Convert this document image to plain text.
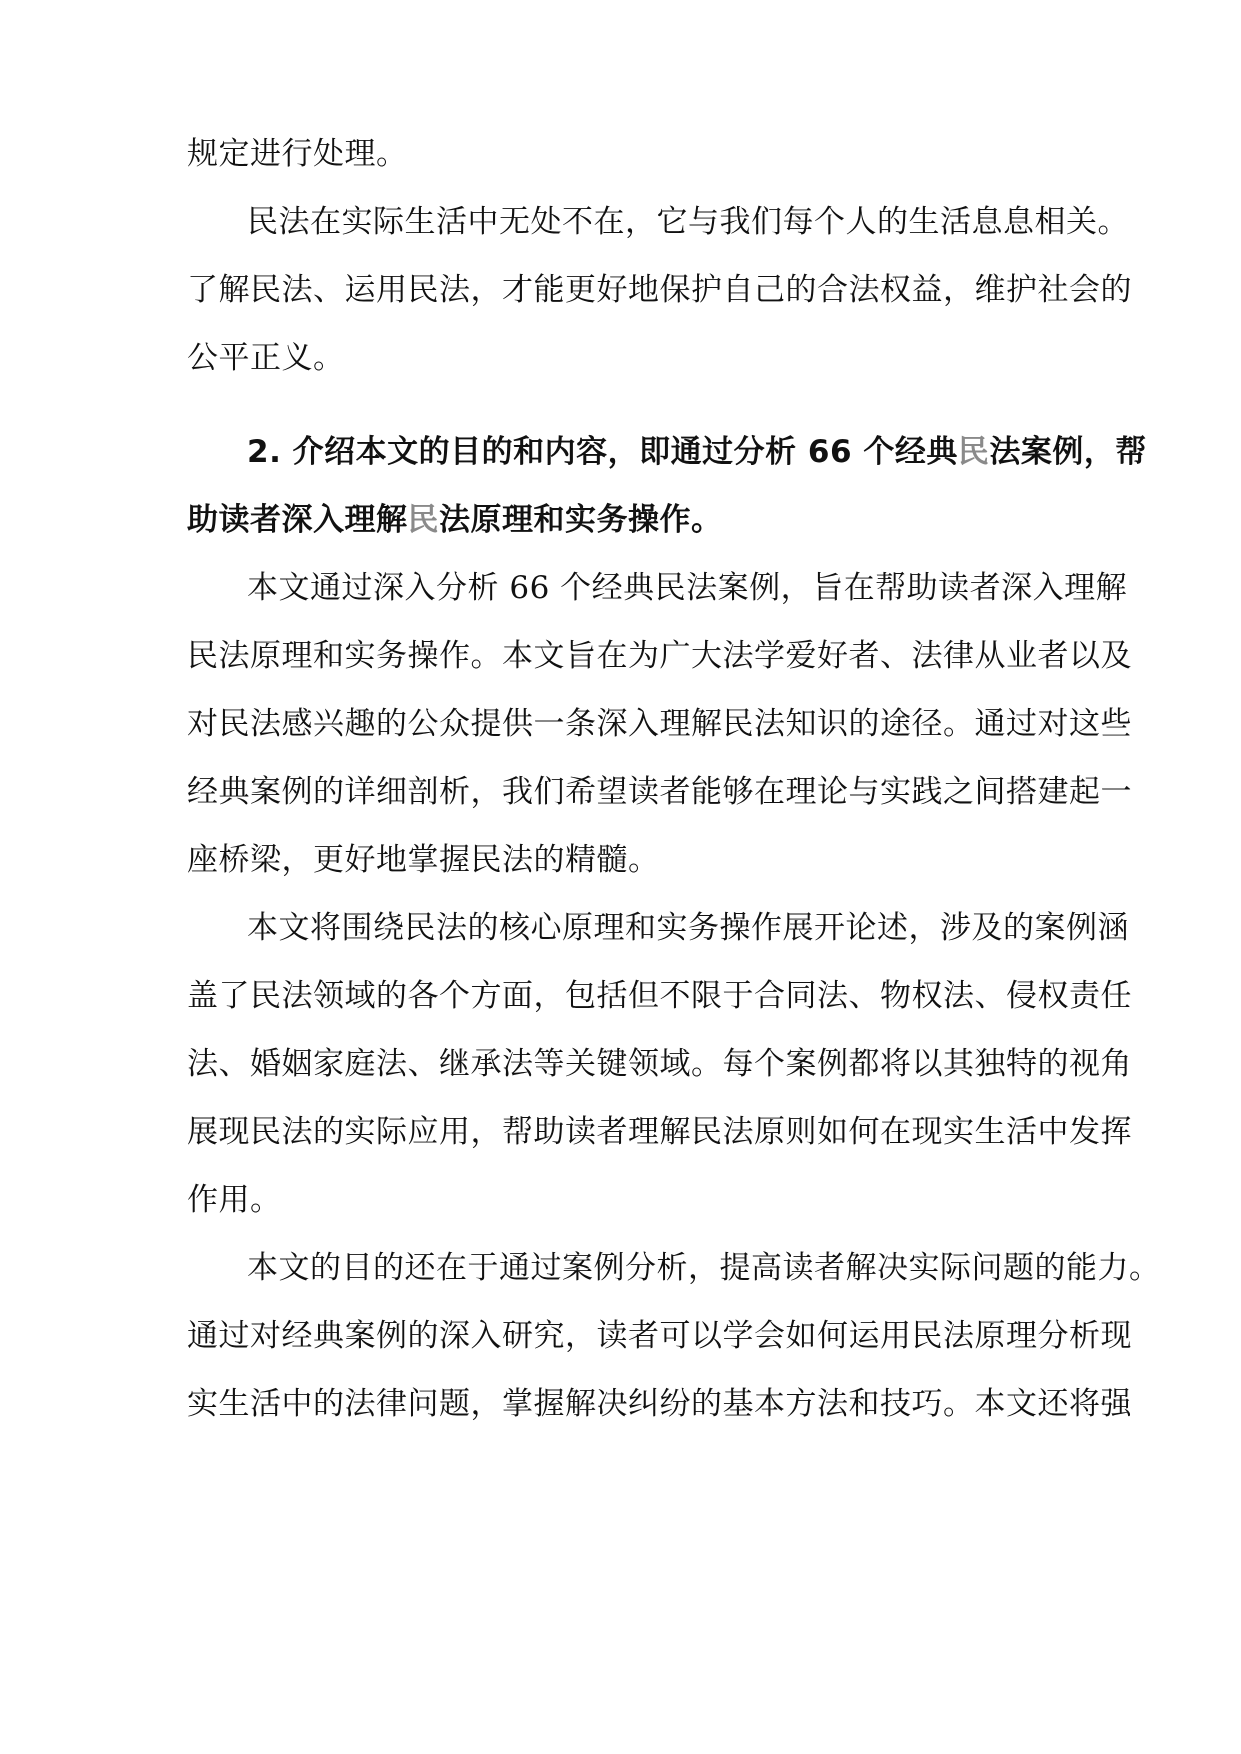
规定进行处理。
民法在实际生活中无处不在，它与我们每个人的生活息息相关。
了解民法、运用民法，才能更好地保护自己的合法权益，维护社会的
公平正义。
2. 介绍本文的目的和内容，即通过分析 66 个经典民法案例，帮
助读者深入理解民法原理和实务操作。
本文通过深入分析 66 个经典民法案例，旨在帮助读者深入理解
民法原理和实务操作。本文旨在为广大法学爱好者、法律从业者以及
对民法感兴趣的公众提供一条深入理解民法知识的途径。通过对这些
经典案例的详细剖析，我们希望读者能够在理论与实践之间搭建起一
座桥梁，更好地掌握民法的精髓。
本文将围绕民法的核心原理和实务操作展开论述，涉及的案例涵
盖了民法领域的各个方面，包括但不限于合同法、物权法、侵权责任
法、婚姻家庭法、继承法等关键领域。每个案例都将以其独特的视角
展现民法的实际应用，帮助读者理解民法原则如何在现实生活中发挥
作用。
本文的目的还在于通过案例分析，提高读者解决实际问题的能力。
通过对经典案例的深入研究，读者可以学会如何运用民法原理分析现
实生活中的法律问题，掌握解决纠纷的基本方法和技巧。本文还将强
